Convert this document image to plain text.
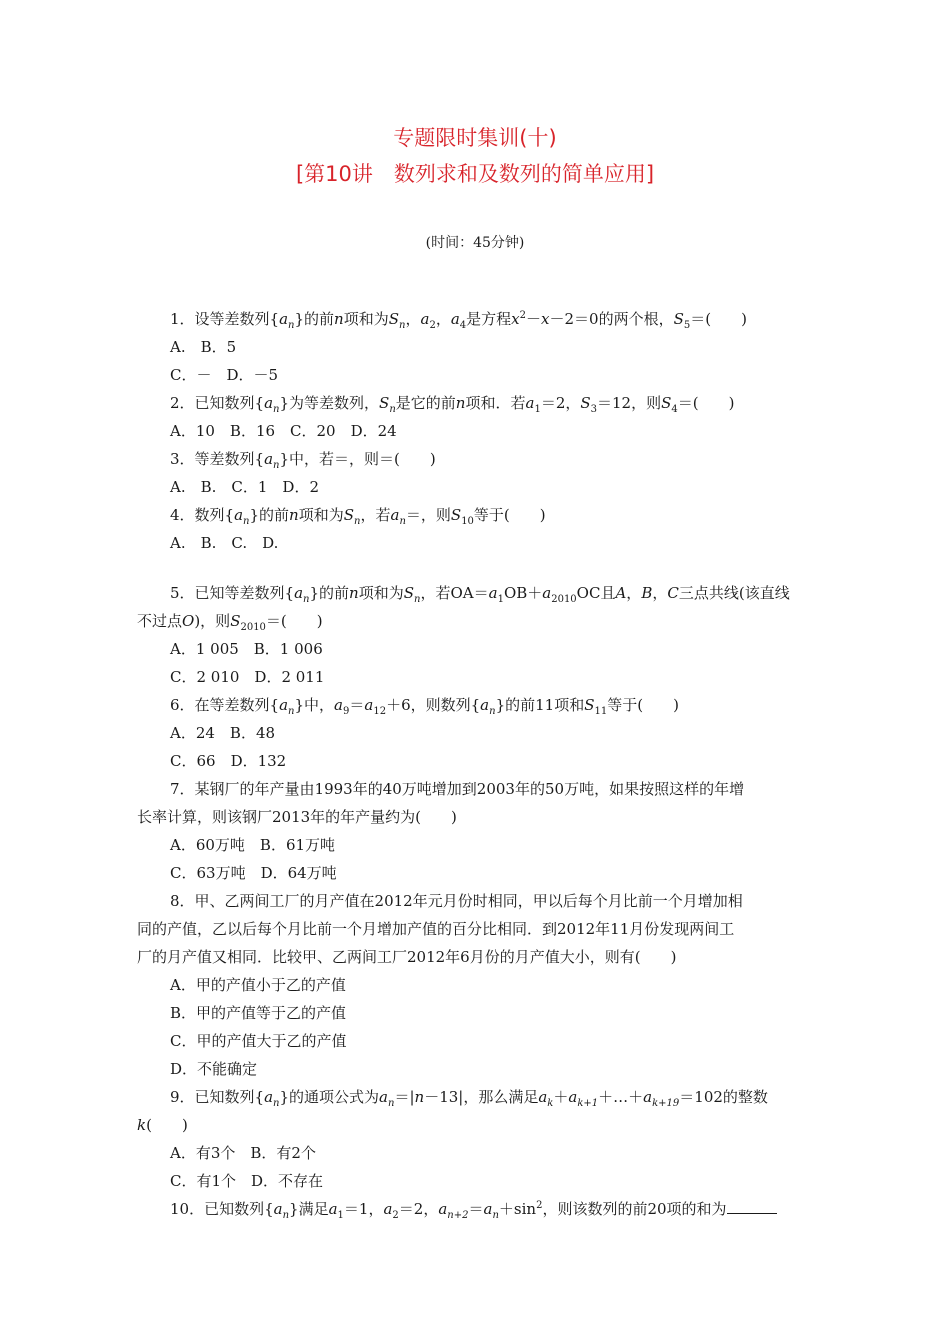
专题限时集训(十)
[第10讲　数列求和及数列的简单应用]
(时间：45分钟)
1．设等差数列$\{a_n\}$的前n项和为$S_n$，$a_2$，$a_4$是方程$x^2-x-2=0$的两个根，$S_5=$(　　)
A.　B．5
C．－　D．－5
2．已知数列$\{a_n\}$为等差数列，$S_n$是它的前n项和．若$a_1=2$，$S_3=12$，则$S_4=$(　　)
A．10　B．16　C．20　D．24
3．等差数列$\{a_n\}$中，若＝，则＝(　　)
A.　B.　C．1　D．2
4．数列$\{a_n\}$的前n项和为$S_n$，若$a_n=$，则$S_{10}$等于(　　)
A.　B.　C.　D.
5．已知等差数列$\{a_n\}$的前n项和为$S_n$，若$OA=a_1OB+a_{2010}OC$且A，B，C三点共线(该直线
不过点O)，则$S_{2010}=$(　　)
A．1 005　B．1 006
C．2 010　D．2 011
6．在等差数列$\{a_n\}$中，$a_9=a_{12}+6$，则数列$\{a_n\}$的前11项和$S_{11}$等于(　　)
A．24　B．48
C．66　D．132
7．某钢厂的年产量由1993年的40万吨增加到2003年的50万吨，如果按照这样的年增
长率计算，则该钢厂2013年的年产量约为(　　)
A．60万吨　B．61万吨
C．63万吨　D．64万吨
8．甲、乙两间工厂的月产值在2012年元月份时相同，甲以后每个月比前一个月增加相
同的产值，乙以后每个月比前一个月增加产值的百分比相同．到2012年11月份发现两间工
厂的月产值又相同．比较甲、乙两间工厂2012年6月份的月产值大小，则有(　　)
A．甲的产值小于乙的产值
B．甲的产值等于乙的产值
C．甲的产值大于乙的产值
D．不能确定
9．已知数列$\{a_n\}$的通项公式为$a_n=|n-13|$，那么满足$a_k+a_{k+1}+\dots+a_{k+19}=102$的整数
k(　　)
A．有3个　B．有2个
C．有1个　D．不存在
10．已知数列$\{a_n\}$满足$a_1=1$，$a_2=2$，$a_{n+2}=a_n+\sin^2$，则该数列的前20项的和为
